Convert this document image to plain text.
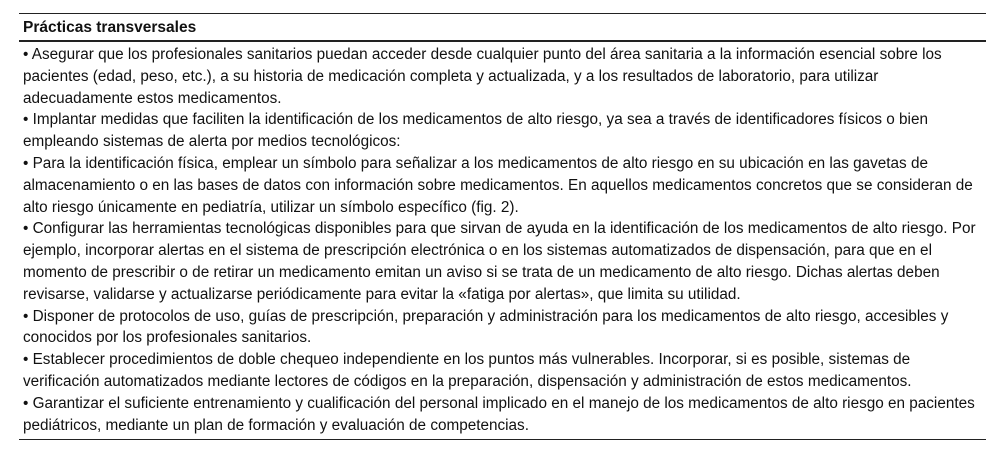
Prácticas transversales

• Asegurar que los profesionales sanitarios puedan acceder desde cualquier punto del área sanitaria a la información esencial sobre los pacientes (edad, peso, etc.), a su historia de medicación completa y actualizada, y a los resultados de laboratorio, para utilizar adecuadamente estos medicamentos.

• Implantar medidas que faciliten la identificación de los medicamentos de alto riesgo, ya sea a través de identificadores físicos o bien empleando sistemas de alerta por medios tecnológicos:

• Para la identificación física, emplear un símbolo para señalizar a los medicamentos de alto riesgo en su ubicación en las gavetas de almacenamiento o en las bases de datos con información sobre medicamentos. En aquellos medicamentos concretos que se consideran de alto riesgo únicamente en pediatría, utilizar un símbolo específico (fig. 2).

• Configurar las herramientas tecnológicas disponibles para que sirvan de ayuda en la identificación de los medicamentos de alto riesgo. Por ejemplo, incorporar alertas en el sistema de prescripción electrónica o en los sistemas automatizados de dispensación, para que en el momento de prescribir o de retirar un medicamento emitan un aviso si se trata de un medicamento de alto riesgo. Dichas alertas deben revisarse, validarse y actualizarse periódicamente para evitar la «fatiga por alertas», que limita su utilidad.

• Disponer de protocolos de uso, guías de prescripción, preparación y administración para los medicamentos de alto riesgo, accesibles y conocidos por los profesionales sanitarios.

• Establecer procedimientos de doble chequeo independiente en los puntos más vulnerables. Incorporar, si es posible, sistemas de verificación automatizados mediante lectores de códigos en la preparación, dispensación y administración de estos medicamentos.

• Garantizar el suficiente entrenamiento y cualificación del personal implicado en el manejo de los medicamentos de alto riesgo en pacientes pediátricos, mediante un plan de formación y evaluación de competencias.
